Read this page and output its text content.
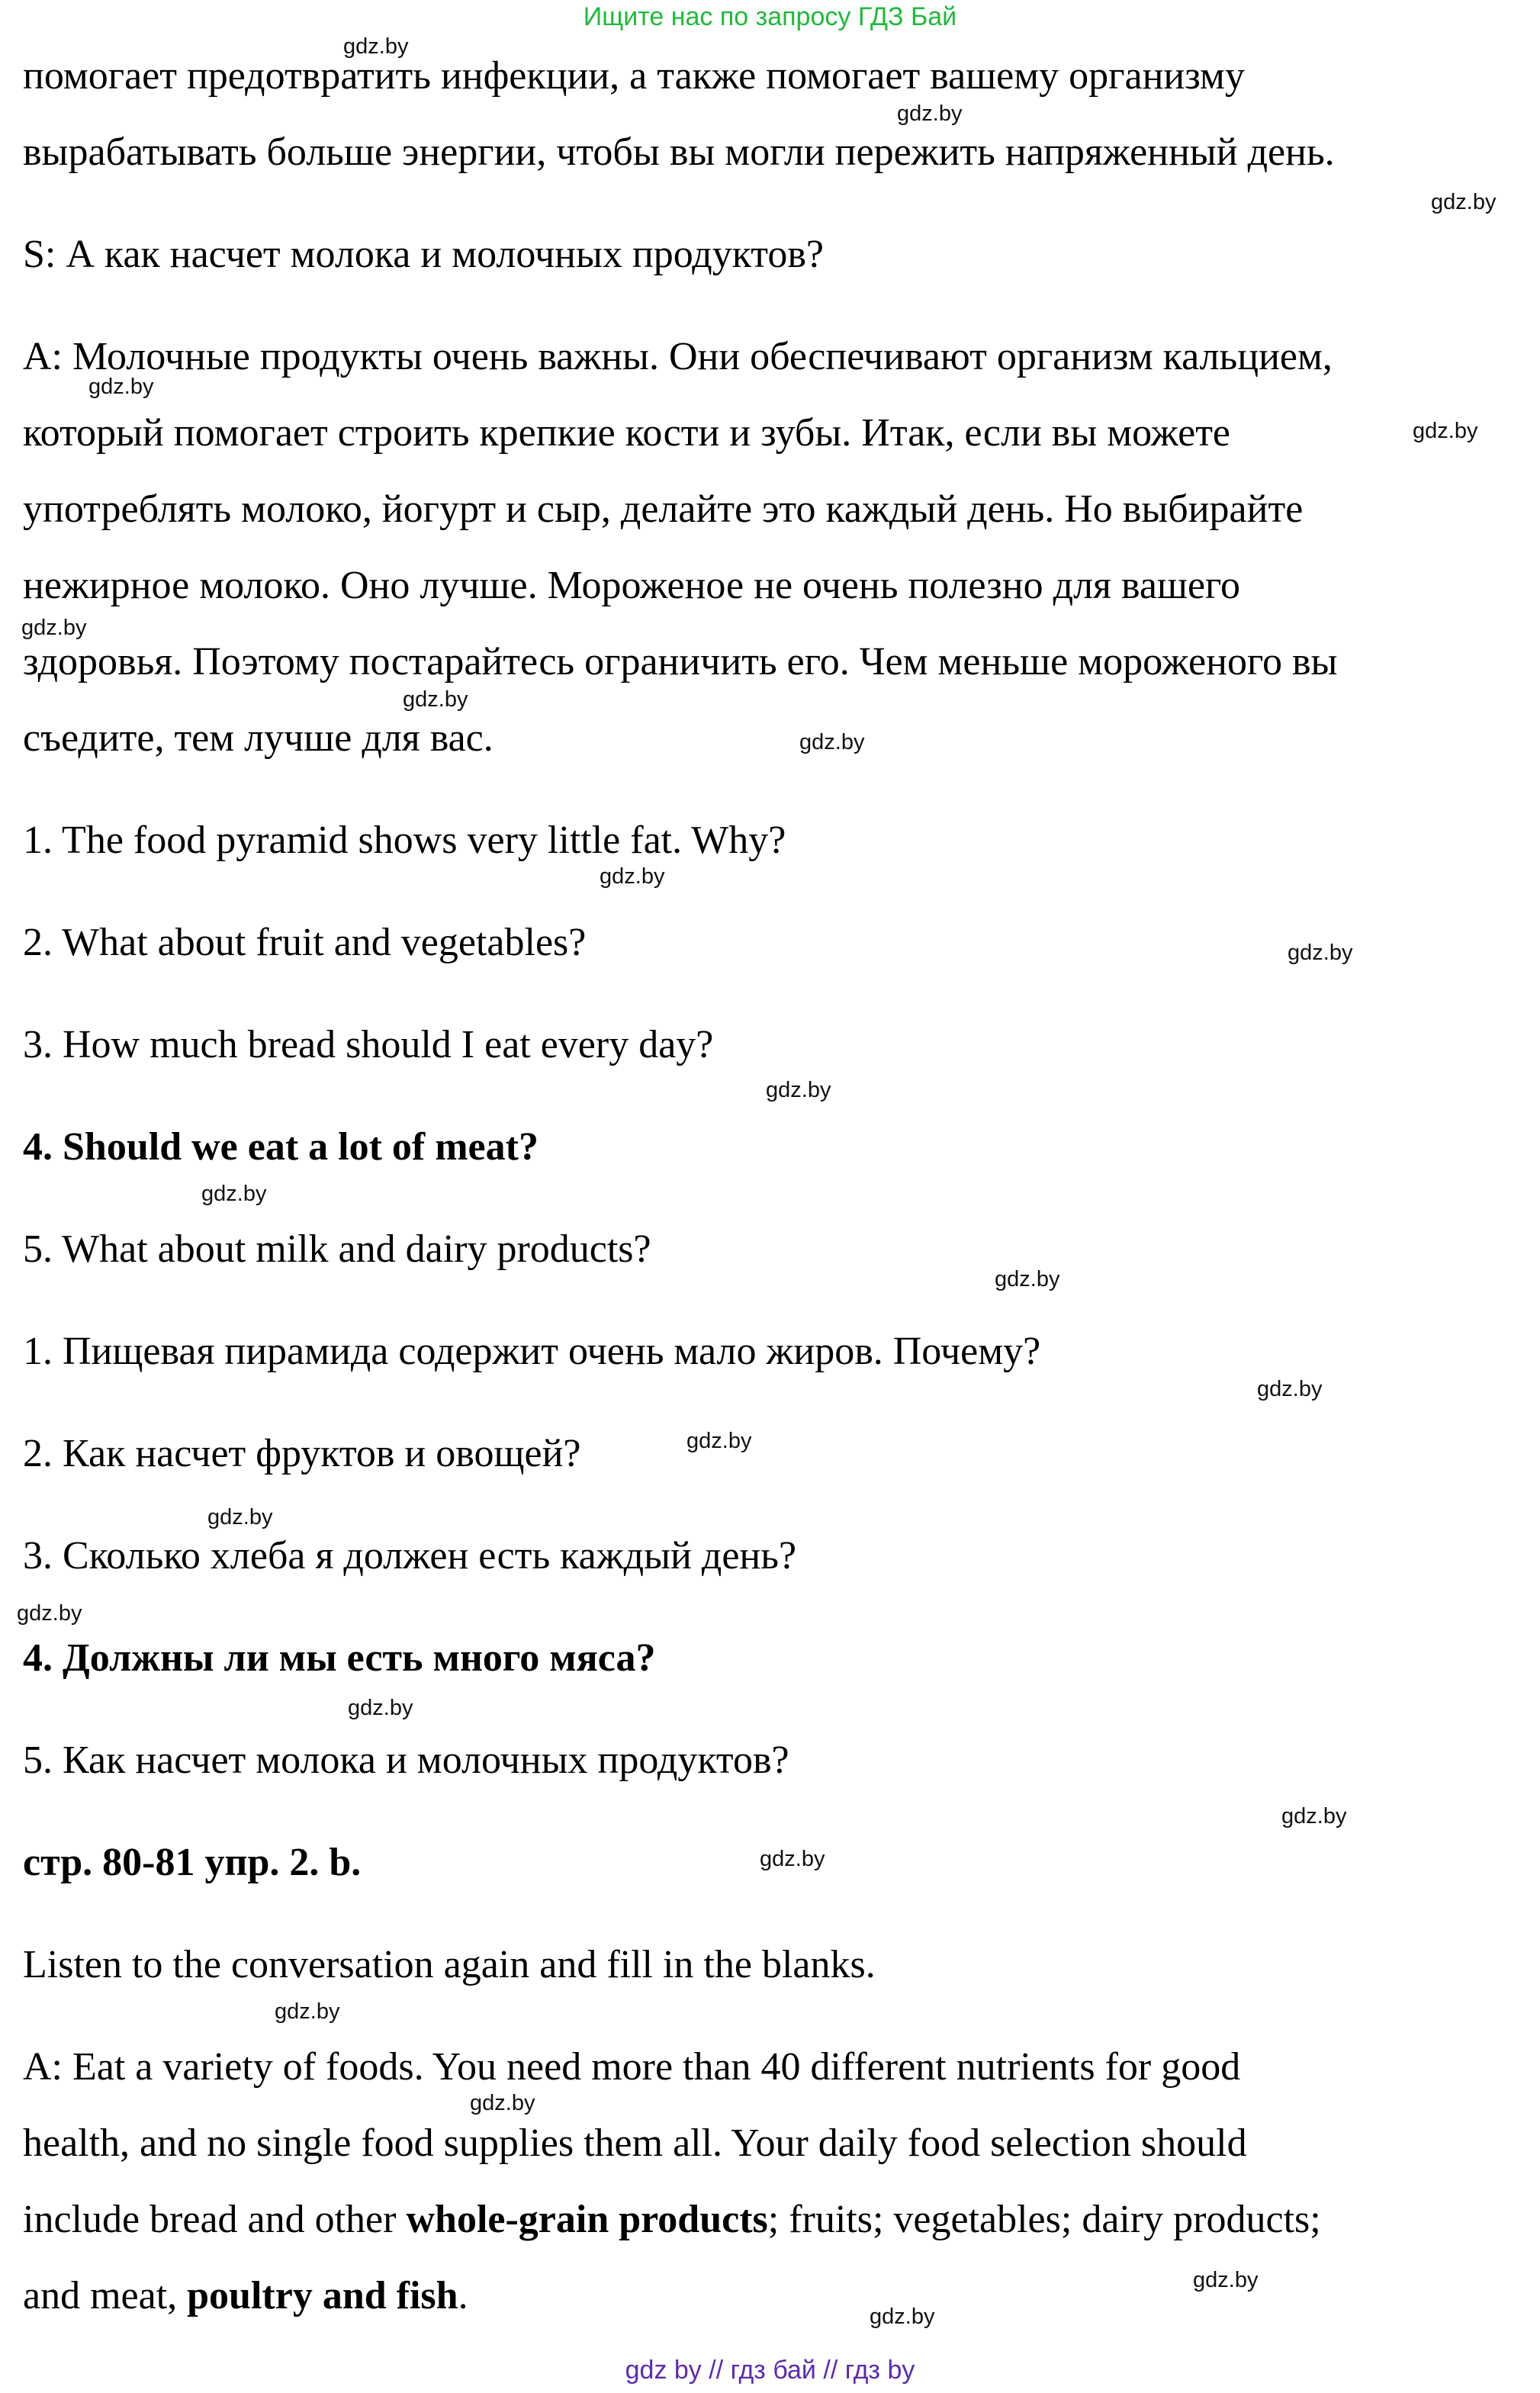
Ищите нас по запросу ГДЗ Бай
помогает предотвратить инфекции, а также помогает вашему организму
вырабатывать больше энергии, чтобы вы могли пережить напряженный день.
S: А как насчет молока и молочных продуктов?
A: Молочные продукты очень важны. Они обеспечивают организм кальцием,
который помогает строить крепкие кости и зубы. Итак, если вы можете
употреблять молоко, йогурт и сыр, делайте это каждый день. Но выбирайте
нежирное молоко. Оно лучше. Мороженое не очень полезно для вашего
здоровья. Поэтому постарайтесь ограничить его. Чем меньше мороженого вы
съедите, тем лучше для вас.
1. The food pyramid shows very little fat. Why?
2. What about fruit and vegetables?
3. How much bread should I eat every day?
4. Should we eat a lot of meat?
5. What about milk and dairy products?
1. Пищевая пирамида содержит очень мало жиров. Почему?
2. Как насчет фруктов и овощей?
3. Сколько хлеба я должен есть каждый день?
4. Должны ли мы есть много мяса?
5. Как насчет молока и молочных продуктов?
стр. 80-81 упр. 2. b.
Listen to the conversation again and fill in the blanks.
A: Eat a variety of foods. You need more than 40 different nutrients for good
health, and no single food supplies them all. Your daily food selection should
include bread and other whole-grain products; fruits; vegetables; dairy products;
and meat, poultry and fish.
gdz.by
gdz.by
gdz.by
gdz.by
gdz.by
gdz.by
gdz.by
gdz.by
gdz.by
gdz.by
gdz.by
gdz.by
gdz.by
gdz.by
gdz.by
gdz.by
gdz.by
gdz.by
gdz.by
gdz.by
gdz.by
gdz.by
gdz.by
gdz.by
gdz by // гдз бай // гдз by
